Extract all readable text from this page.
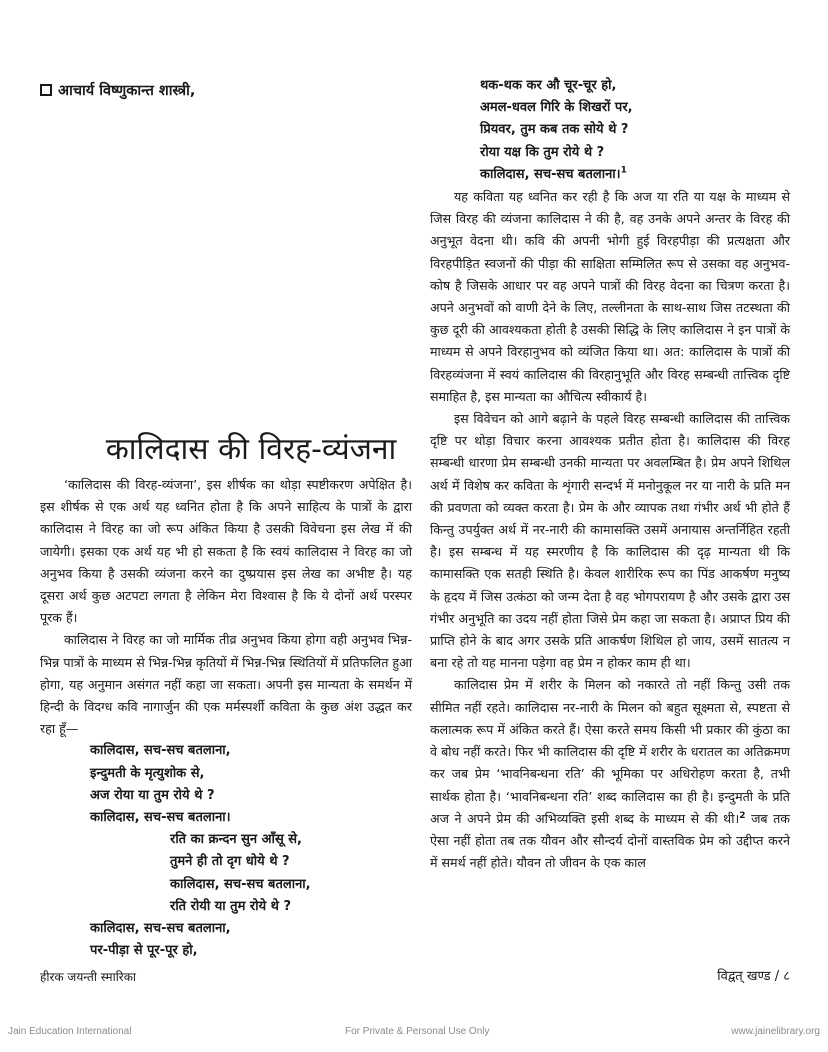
आचार्य विष्णुकान्त शास्त्री,	थक-थक कर औ चूर-चूर हो,
अमल-धवल गिरि के शिखरों पर,
प्रियवर, तुम कब तक सोये थे ?
रोया यक्ष कि तुम रोये थे ?
कालिदास, सच-सच बतलाना।$^1$

यह कविता यह ध्वनित कर रही है कि अज या रति या यक्ष के माध्यम से जिस विरह की व्यंजना कालिदास ने की है, वह उनके अपने अन्तर के विरह की अनुभूत वेदना थी। कवि की अपनी भोगी हुई विरहपीड़ा की प्रत्यक्षता और विरहपीड़ित स्वजनों की पीड़ा की साक्षिता सम्मिलित रूप से उसका वह अनुभव-कोष है जिसके आधार पर वह अपने पात्रों की विरह वेदना का चित्रण करता है। अपने अनुभवों को वाणी देने के लिए, तल्लीनता के साथ-साथ जिस तटस्थता की कुछ दूरी की आवश्यकता होती है उसकी सिद्धि के लिए कालिदास ने इन पात्रों के माध्यम से अपने विरहानुभव को व्यंजित किया था। अत: कालिदास के पात्रों की विरहव्यंजना में स्वयं कालिदास की विरहानुभूति और विरह सम्बन्धी तात्त्विक दृष्टि समाहित है, इस मान्यता का औचित्य स्वीकार्य है।

इस विवेचन को आगे बढ़ाने के पहले विरह सम्बन्धी कालिदास की तात्त्विक दृष्टि पर थोड़ा विचार करना आवश्यक प्रतीत होता है। कालिदास की विरह सम्बन्धी धारणा प्रेम सम्बन्धी उनकी मान्यता पर अवलम्बित है। प्रेम अपने शिथिल अर्थ में विशेष कर कविता के शृंगारी सन्दर्भ में मनोनुकूल नर या नारी के प्रति मन की प्रवणता को व्यक्त करता है। प्रेम के और व्यापक तथा गंभीर अर्थ भी होते हैं किन्तु उपर्युक्त अर्थ में नर-नारी की कामासक्ति उसमें अनायास अन्तर्निहित रहती है। इस सम्बन्ध में यह स्मरणीय है कि कालिदास की दृढ़ मान्यता थी कि कामासक्ति एक सतही स्थिति है। केवल शारीरिक रूप का पिंड आकर्षण मनुष्य के हृदय में जिस उत्कंठा को जन्म देता है वह भोगपरायण है और उसके द्वारा उस गंभीर अनुभूति का उदय नहीं होता जिसे प्रेम कहा जा सकता है। अप्राप्त प्रिय की प्राप्ति होने के बाद अगर उसके प्रति आकर्षण शिथिल हो जाय, उसमें सातत्य न बना रहे तो यह मानना पड़ेगा वह प्रेम न होकर काम ही था।

कालिदास प्रेम में शरीर के मिलन को नकारते तो नहीं किन्तु उसी तक सीमित नहीं रहते। कालिदास नर-नारी के मिलन को बहुत सूक्ष्मता से, स्पष्टता से कलात्मक रूप में अंकित करते हैं। ऐसा करते समय किसी भी प्रकार की कुंठा का वे बोध नहीं करते। फिर भी कालिदास की दृष्टि में शरीर के धरातल का अतिक्रमण कर जब प्रेम ‘भावनिबन्धना रति’ की भूमिका पर अधिरोहण करता है, तभी सार्थक होता है। ‘भावनिबन्धना रति’ शब्द कालिदास का ही है। इन्दुमती के प्रति अज ने अपने प्रेम की अभिव्यक्ति इसी शब्द के माध्यम से की थी।$^2$ जब तक ऐसा नहीं होता तब तक यौवन और सौन्दर्य दोनों वास्तविक प्रेम को उद्दीप्त करने में समर्थ नहीं होते। यौवन तो जीवन के एक काल

कालिदास की विरह-व्यंजना

‘कालिदास की विरह-व्यंजना’, इस शीर्षक का थोड़ा स्पष्टीकरण अपेक्षित है। इस शीर्षक से एक अर्थ यह ध्वनित होता है कि अपने साहित्य के पात्रों के द्वारा कालिदास ने विरह का जो रूप अंकित किया है उसकी विवेचना इस लेख में की जायेगी। इसका एक अर्थ यह भी हो सकता है कि स्वयं कालिदास ने विरह का जो अनुभव किया है उसकी व्यंजना करने का दुष्प्रयास इस लेख का अभीष्ट है। यह दूसरा अर्थ कुछ अटपटा लगता है लेकिन मेरा विश्वास है कि ये दोनों अर्थ परस्पर पूरक हैं।

कालिदास ने विरह का जो मार्मिक तीव्र अनुभव किया होगा वही अनुभव भिन्न-भिन्न पात्रों के माध्यम से भिन्न-भिन्न कृतियों में भिन्न-भिन्न स्थितियों में प्रतिफलित हुआ होगा, यह अनुमान असंगत नहीं कहा जा सकता। अपनी इस मान्यता के समर्थन में हिन्दी के विदग्ध कवि नागार्जुन की एक मर्मस्पर्शी कविता के कुछ अंश उद्धत कर रहा हूँ—

कालिदास, सच-सच बतलाना,
इन्दुमती के मृत्युशोक से,
अज रोया या तुम रोये थे ?
कालिदास, सच-सच बतलाना।
रति का क्रन्दन सुन आँसू से,
तुमने ही तो दृग धोये थे ?
कालिदास, सच-सच बतलाना,
रति रोयी या तुम रोये थे ?
कालिदास, सच-सच बतलाना,
पर-पीड़ा से पूर-पूर हो,
हीरक जयन्ती स्मारिका	विद्वत् खण्ड / ८
Jain Education International	For Private & Personal Use Only	www.jainelibrary.org
